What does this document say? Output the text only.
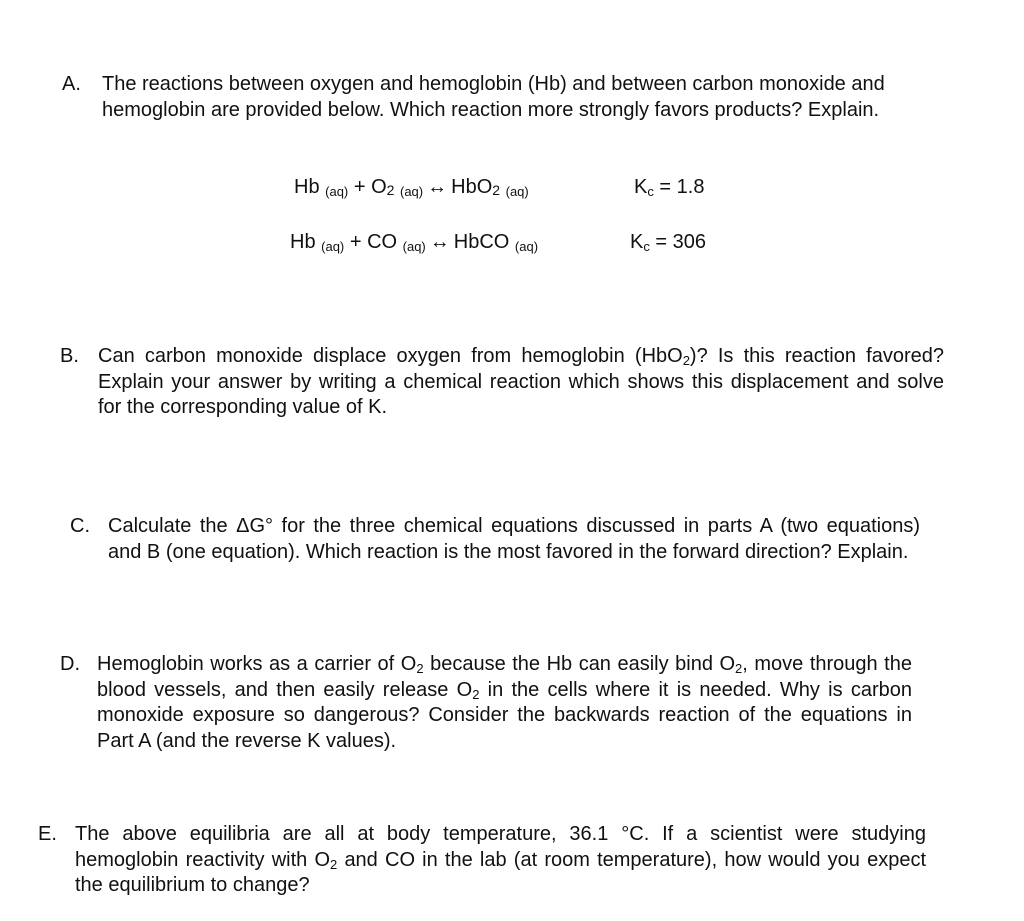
A. The reactions between oxygen and hemoglobin (Hb) and between carbon monoxide and hemoglobin are provided below. Which reaction more strongly favors products? Explain.
Hb (aq) + O2 (aq) ↔ HbO2 (aq)	$K_c = 1.8$
Hb (aq) + CO (aq) ↔ HbCO (aq)	$K_c = 306$
B. Can carbon monoxide displace oxygen from hemoglobin (HbO$_2$)? Is this reaction favored? Explain your answer by writing a chemical reaction which shows this displacement and solve for the corresponding value of K.
C. Calculate the ΔG° for the three chemical equations discussed in parts A (two equations) and B (one equation). Which reaction is the most favored in the forward direction? Explain.
D. Hemoglobin works as a carrier of $O_2$ because the Hb can easily bind $O_2$, move through the blood vessels, and then easily release $O_2$ in the cells where it is needed. Why is carbon monoxide exposure so dangerous? Consider the backwards reaction of the equations in Part A (and the reverse K values).
E. The above equilibria are all at body temperature, 36.1 °C. If a scientist were studying hemoglobin reactivity with $O_2$ and CO in the lab (at room temperature), how would you expect the equilibrium to change?
